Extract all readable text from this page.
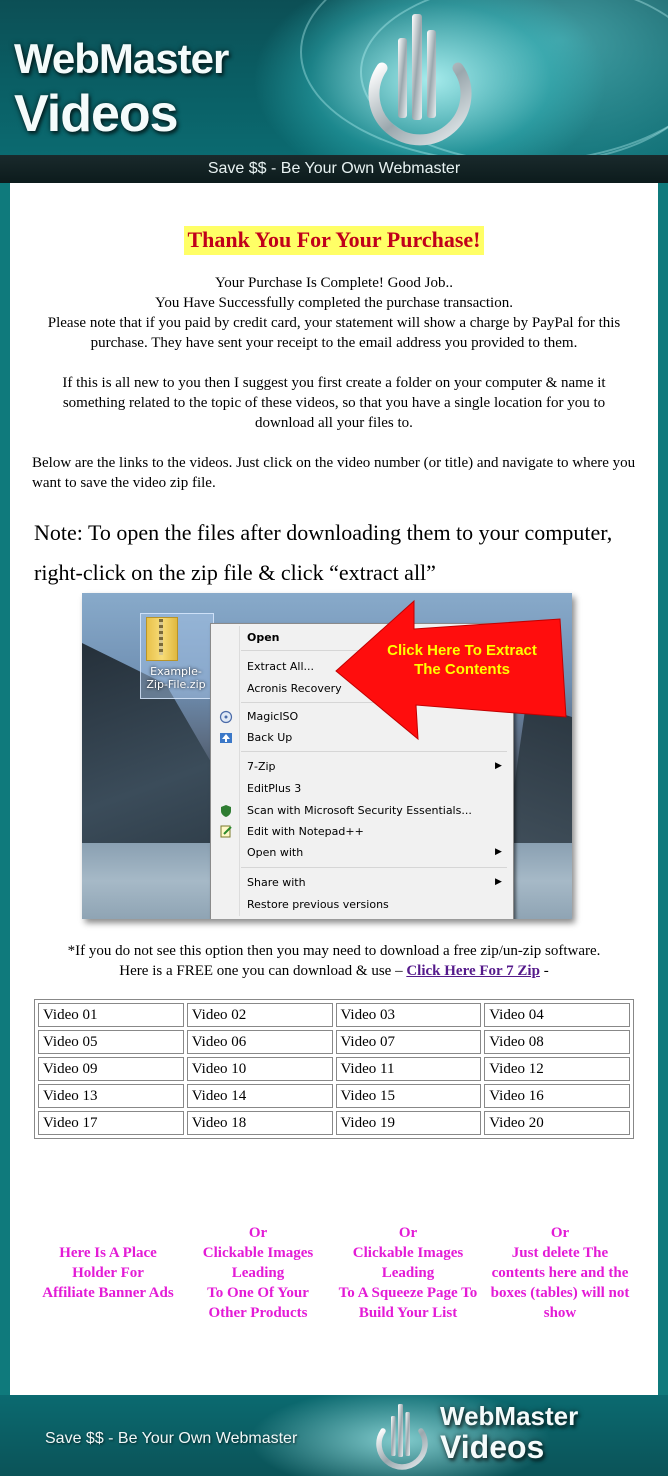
WebMaster
Videos
Save $$ - Be Your Own Webmaster
Thank You For Your Purchase!
Your Purchase Is Complete! Good Job..
You Have Successfully completed the purchase transaction.
Please note that if you paid by credit card, your statement will show a charge by PayPal for this purchase. They have sent your receipt to the email address you provided to them.
If this is all new to you then I suggest you first create a folder on your computer & name it something related to the topic of these videos, so that you have a single location for you to download all your files to.
Below are the links to the videos. Just click on the video number (or title) and navigate to where you want to save the video zip file.
Note: To open the files after downloading them to your computer, right-click on the zip file & click “extract all”
Example-Zip-File.zip
Open
Extract All...
Acronis Recovery
MagicISO
Back Up
7-Zip	▶
EditPlus 3
Scan with Microsoft Security Essentials...
Edit with Notepad++
Open with	▶
Share with	▶
Restore previous versions
Click Here To Extract The Contents
*If you do not see this option then you may need to download a free zip/un-zip software.
Here is a FREE one you can download & use – Click Here For 7 Zip -
Video 01	Video 02	Video 03	Video 04
Video 05	Video 06	Video 07	Video 08
Video 09	Video 10	Video 11	Video 12
Video 13	Video 14	Video 15	Video 16
Video 17	Video 18	Video 19	Video 20
Here Is A Place
Holder For
Affiliate Banner Ads
Or
Clickable Images
Leading
To One Of Your
Other Products
Or
Clickable Images
Leading
To A Squeeze Page To
Build Your List
Or
Just delete The
contents here and the
boxes (tables) will not
show
Save $$ - Be Your Own Webmaster
WebMaster
Videos
